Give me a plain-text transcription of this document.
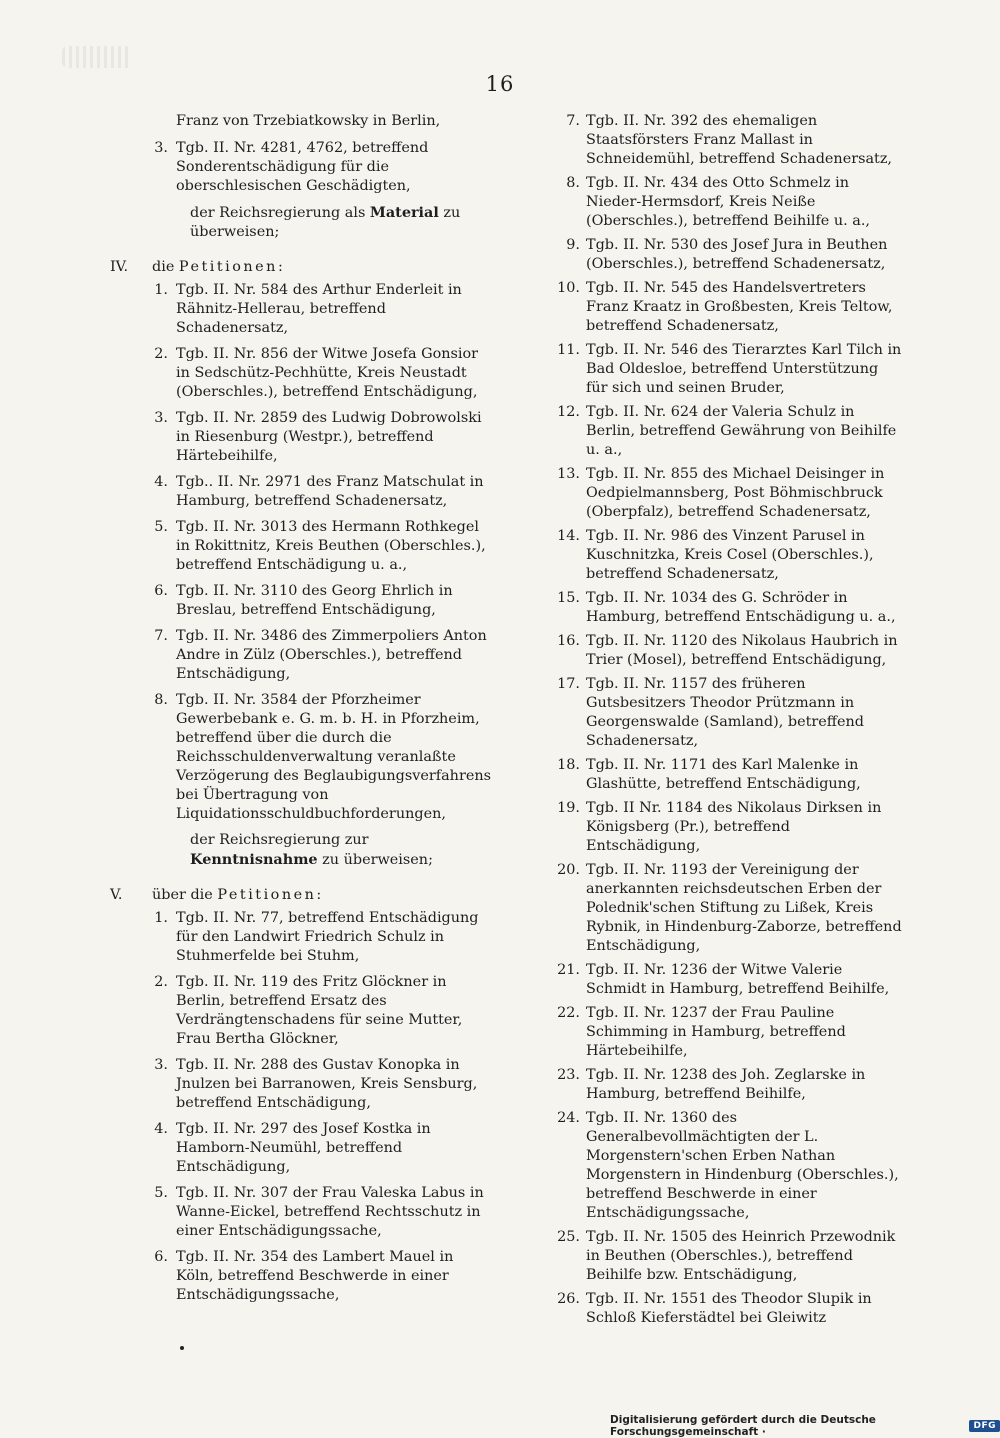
16

Franz von Trzebiatkowsky in Berlin,

3. Tgb. II. Nr. 4281, 4762, betreffend Sonderentschädigung für die oberschlesischen Geschädigten,

der Reichsregierung als Material zu überweisen;

IV. die Petitionen:
1. Tgb. II. Nr. 584 des Arthur Enderleit in Rähnitz-Hellerau, betreffend Schadenersatz,
2. Tgb. II. Nr. 856 der Witwe Josefa Gonsior in Sedschütz-Pechhütte, Kreis Neustadt (Oberschles.), betreffend Entschädigung,
3. Tgb. II. Nr. 2859 des Ludwig Dobrowolski in Riesenburg (Westpr.), betreffend Härtebeihilfe,
4. Tgb.. II. Nr. 2971 des Franz Matschulat in Hamburg, betreffend Schadenersatz,
5. Tgb. II. Nr. 3013 des Hermann Rothkegel in Rokittnitz, Kreis Beuthen (Oberschles.), betreffend Entschädigung u. a.,
6. Tgb. II. Nr. 3110 des Georg Ehrlich in Breslau, betreffend Entschädigung,
7. Tgb. II. Nr. 3486 des Zimmerpoliers Anton Andre in Zülz (Oberschles.), betreffend Entschädigung,
8. Tgb. II. Nr. 3584 der Pforzheimer Gewerbebank e. G. m. b. H. in Pforzheim, betreffend über die durch die Reichsschuldenverwaltung veranlaßte Verzögerung des Beglaubigungsverfahrens bei Übertragung von Liquidationsschuldbuchforderungen,

der Reichsregierung zur Kenntnisnahme zu überweisen;

V. über die Petitionen:
1. Tgb. II. Nr. 77, betreffend Entschädigung für den Landwirt Friedrich Schulz in Stuhmerfelde bei Stuhm,
2. Tgb. II. Nr. 119 des Fritz Glöckner in Berlin, betreffend Ersatz des Verdrängtenschadens für seine Mutter, Frau Bertha Glöckner,
3. Tgb. II. Nr. 288 des Gustav Konopka in Jnulzen bei Barranowen, Kreis Sensburg, betreffend Entschädigung,
4. Tgb. II. Nr. 297 des Josef Kostka in Hamborn-Neumühl, betreffend Entschädigung,
5. Tgb. II. Nr. 307 der Frau Valeska Labus in Wanne-Eickel, betreffend Rechtsschutz in einer Entschädigungssache,
6. Tgb. II. Nr. 354 des Lambert Mauel in Köln, betreffend Beschwerde in einer Entschädigungssache,
7. Tgb. II. Nr. 392 des ehemaligen Staatsförsters Franz Mallast in Schneidemühl, betreffend Schadenersatz,
8. Tgb. II. Nr. 434 des Otto Schmelz in Nieder-Hermsdorf, Kreis Neiße (Oberschles.), betreffend Beihilfe u. a.,
9. Tgb. II. Nr. 530 des Josef Jura in Beuthen (Oberschles.), betreffend Schadenersatz,
10. Tgb. II. Nr. 545 des Handelsvertreters Franz Kraatz in Großbesten, Kreis Teltow, betreffend Schadenersatz,
11. Tgb. II. Nr. 546 des Tierarztes Karl Tilch in Bad Oldesloe, betreffend Unterstützung für sich und seinen Bruder,
12. Tgb. II. Nr. 624 der Valeria Schulz in Berlin, betreffend Gewährung von Beihilfe u. a.,
13. Tgb. II. Nr. 855 des Michael Deisinger in Oedpielmannsberg, Post Böhmischbruck (Oberpfalz), betreffend Schadenersatz,
14. Tgb. II. Nr. 986 des Vinzent Parusel in Kuschnitzka, Kreis Cosel (Oberschles.), betreffend Schadenersatz,
15. Tgb. II. Nr. 1034 des G. Schröder in Hamburg, betreffend Entschädigung u. a.,
16. Tgb. II. Nr. 1120 des Nikolaus Haubrich in Trier (Mosel), betreffend Entschädigung,
17. Tgb. II. Nr. 1157 des früheren Gutsbesitzers Theodor Prützmann in Georgenswalde (Samland), betreffend Schadenersatz,
18. Tgb. II. Nr. 1171 des Karl Malenke in Glashütte, betreffend Entschädigung,
19. Tgb. II Nr. 1184 des Nikolaus Dirksen in Königsberg (Pr.), betreffend Entschädigung,
20. Tgb. II. Nr. 1193 der Vereinigung der anerkannten reichsdeutschen Erben der Polednik'schen Stiftung zu Lißek, Kreis Rybnik, in Hindenburg-Zaborze, betreffend Entschädigung,
21. Tgb. II. Nr. 1236 der Witwe Valerie Schmidt in Hamburg, betreffend Beihilfe,
22. Tgb. II. Nr. 1237 der Frau Pauline Schimming in Hamburg, betreffend Härtebeihilfe,
23. Tgb. II. Nr. 1238 des Joh. Zeglarske in Hamburg, betreffend Beihilfe,
24. Tgb. II. Nr. 1360 des Generalbevollmächtigten der L. Morgenstern'schen Erben Nathan Morgenstern in Hindenburg (Oberschles.), betreffend Beschwerde in einer Entschädigungssache,
25. Tgb. II. Nr. 1505 des Heinrich Przewodnik in Beuthen (Oberschles.), betreffend Beihilfe bzw. Entschädigung,
26. Tgb. II. Nr. 1551 des Theodor Slupik in Schloß Kieferstädtel bei Gleiwitz
Digitalisierung gefördert durch die Deutsche Forschungsgemeinschaft ·	DFG
